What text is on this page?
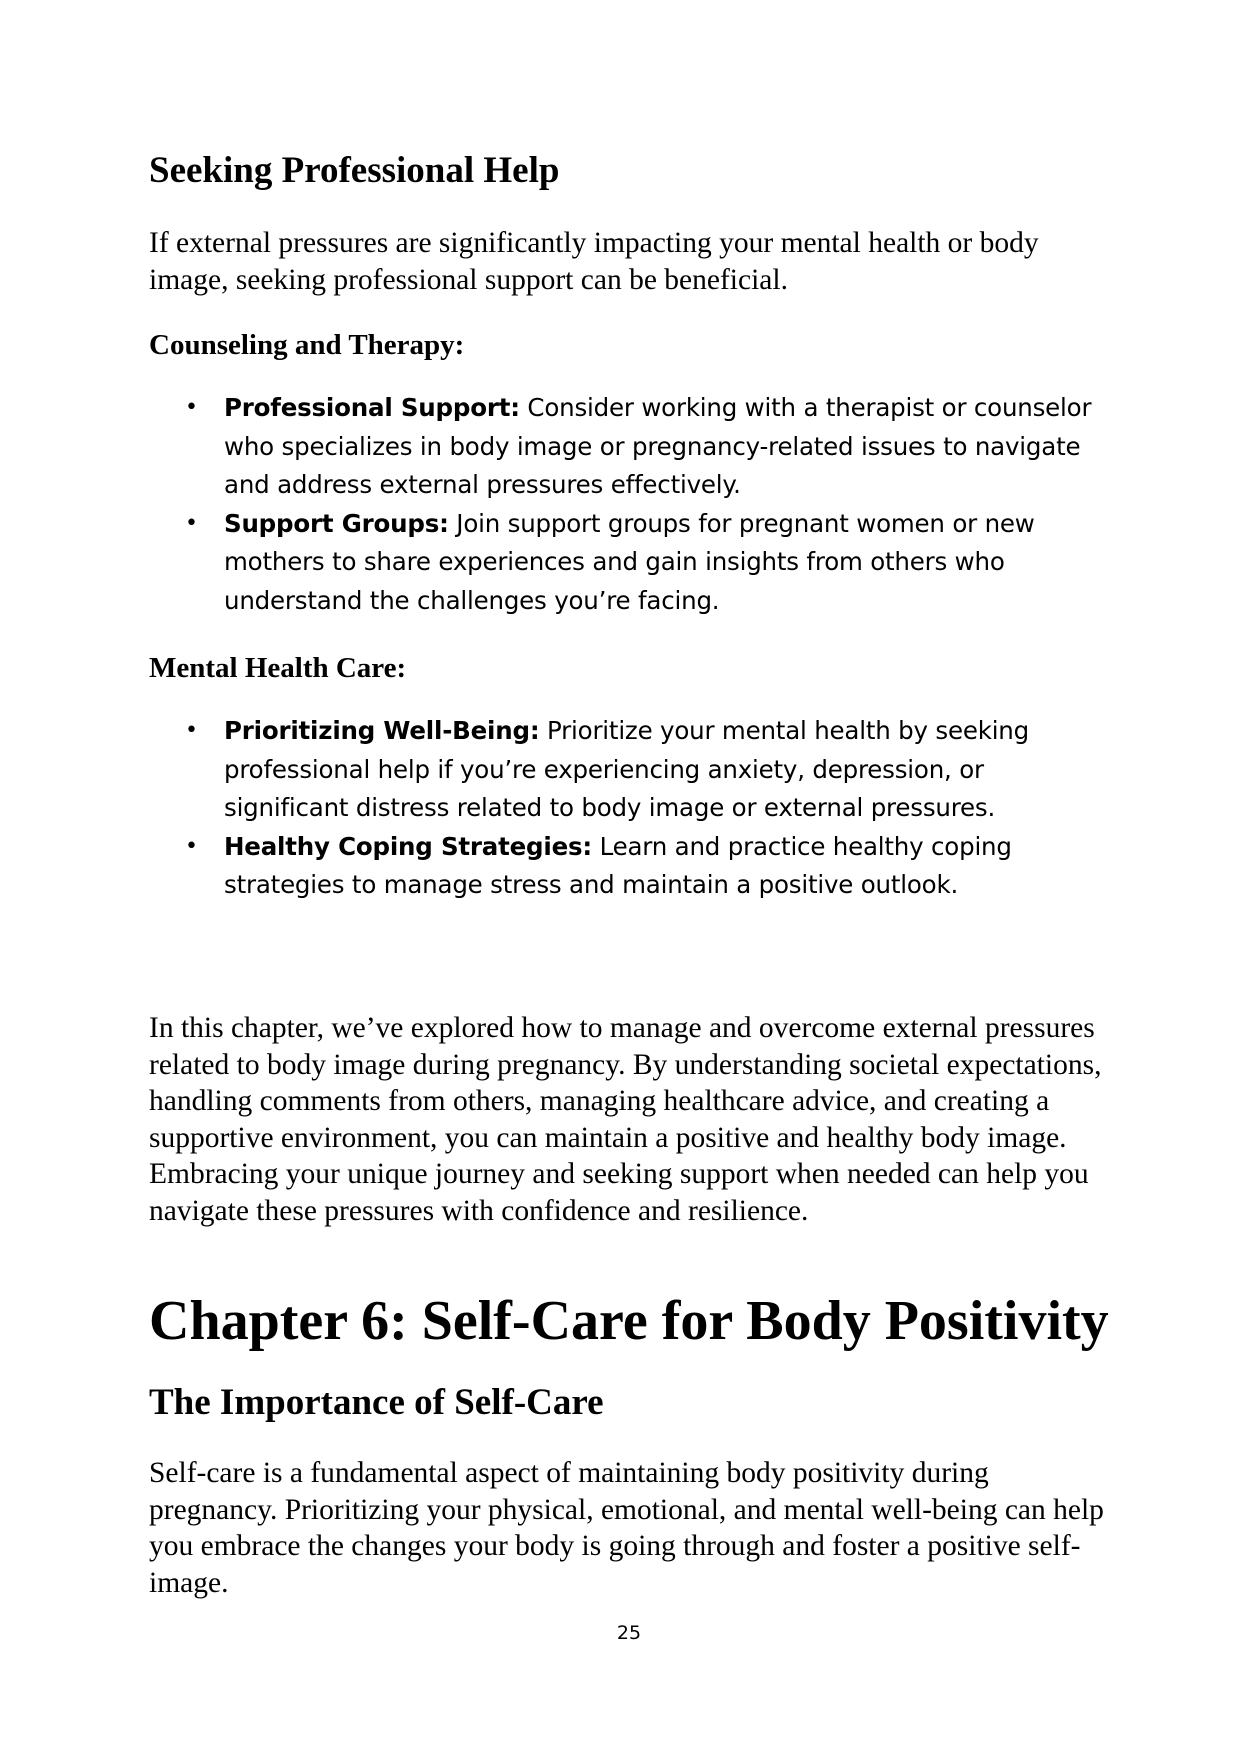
Seeking Professional Help

If external pressures are significantly impacting your mental health or body image, seeking professional support can be beneficial.

Counseling and Therapy:
• Professional Support: Consider working with a therapist or counselor who specializes in body image or pregnancy-related issues to navigate and address external pressures effectively.
• Support Groups: Join support groups for pregnant women or new mothers to share experiences and gain insights from others who understand the challenges you’re facing.
Mental Health Care:
• Prioritizing Well-Being: Prioritize your mental health by seeking professional help if you’re experiencing anxiety, depression, or significant distress related to body image or external pressures.
• Healthy Coping Strategies: Learn and practice healthy coping strategies to manage stress and maintain a positive outlook.

In this chapter, we’ve explored how to manage and overcome external pressures related to body image during pregnancy. By understanding societal expectations, handling comments from others, managing healthcare advice, and creating a supportive environment, you can maintain a positive and healthy body image. Embracing your unique journey and seeking support when needed can help you navigate these pressures with confidence and resilience.

Chapter 6: Self-Care for Body Positivity
The Importance of Self-Care

Self-care is a fundamental aspect of maintaining body positivity during pregnancy. Prioritizing your physical, emotional, and mental well-being can help you embrace the changes your body is going through and foster a positive self-image.

25
